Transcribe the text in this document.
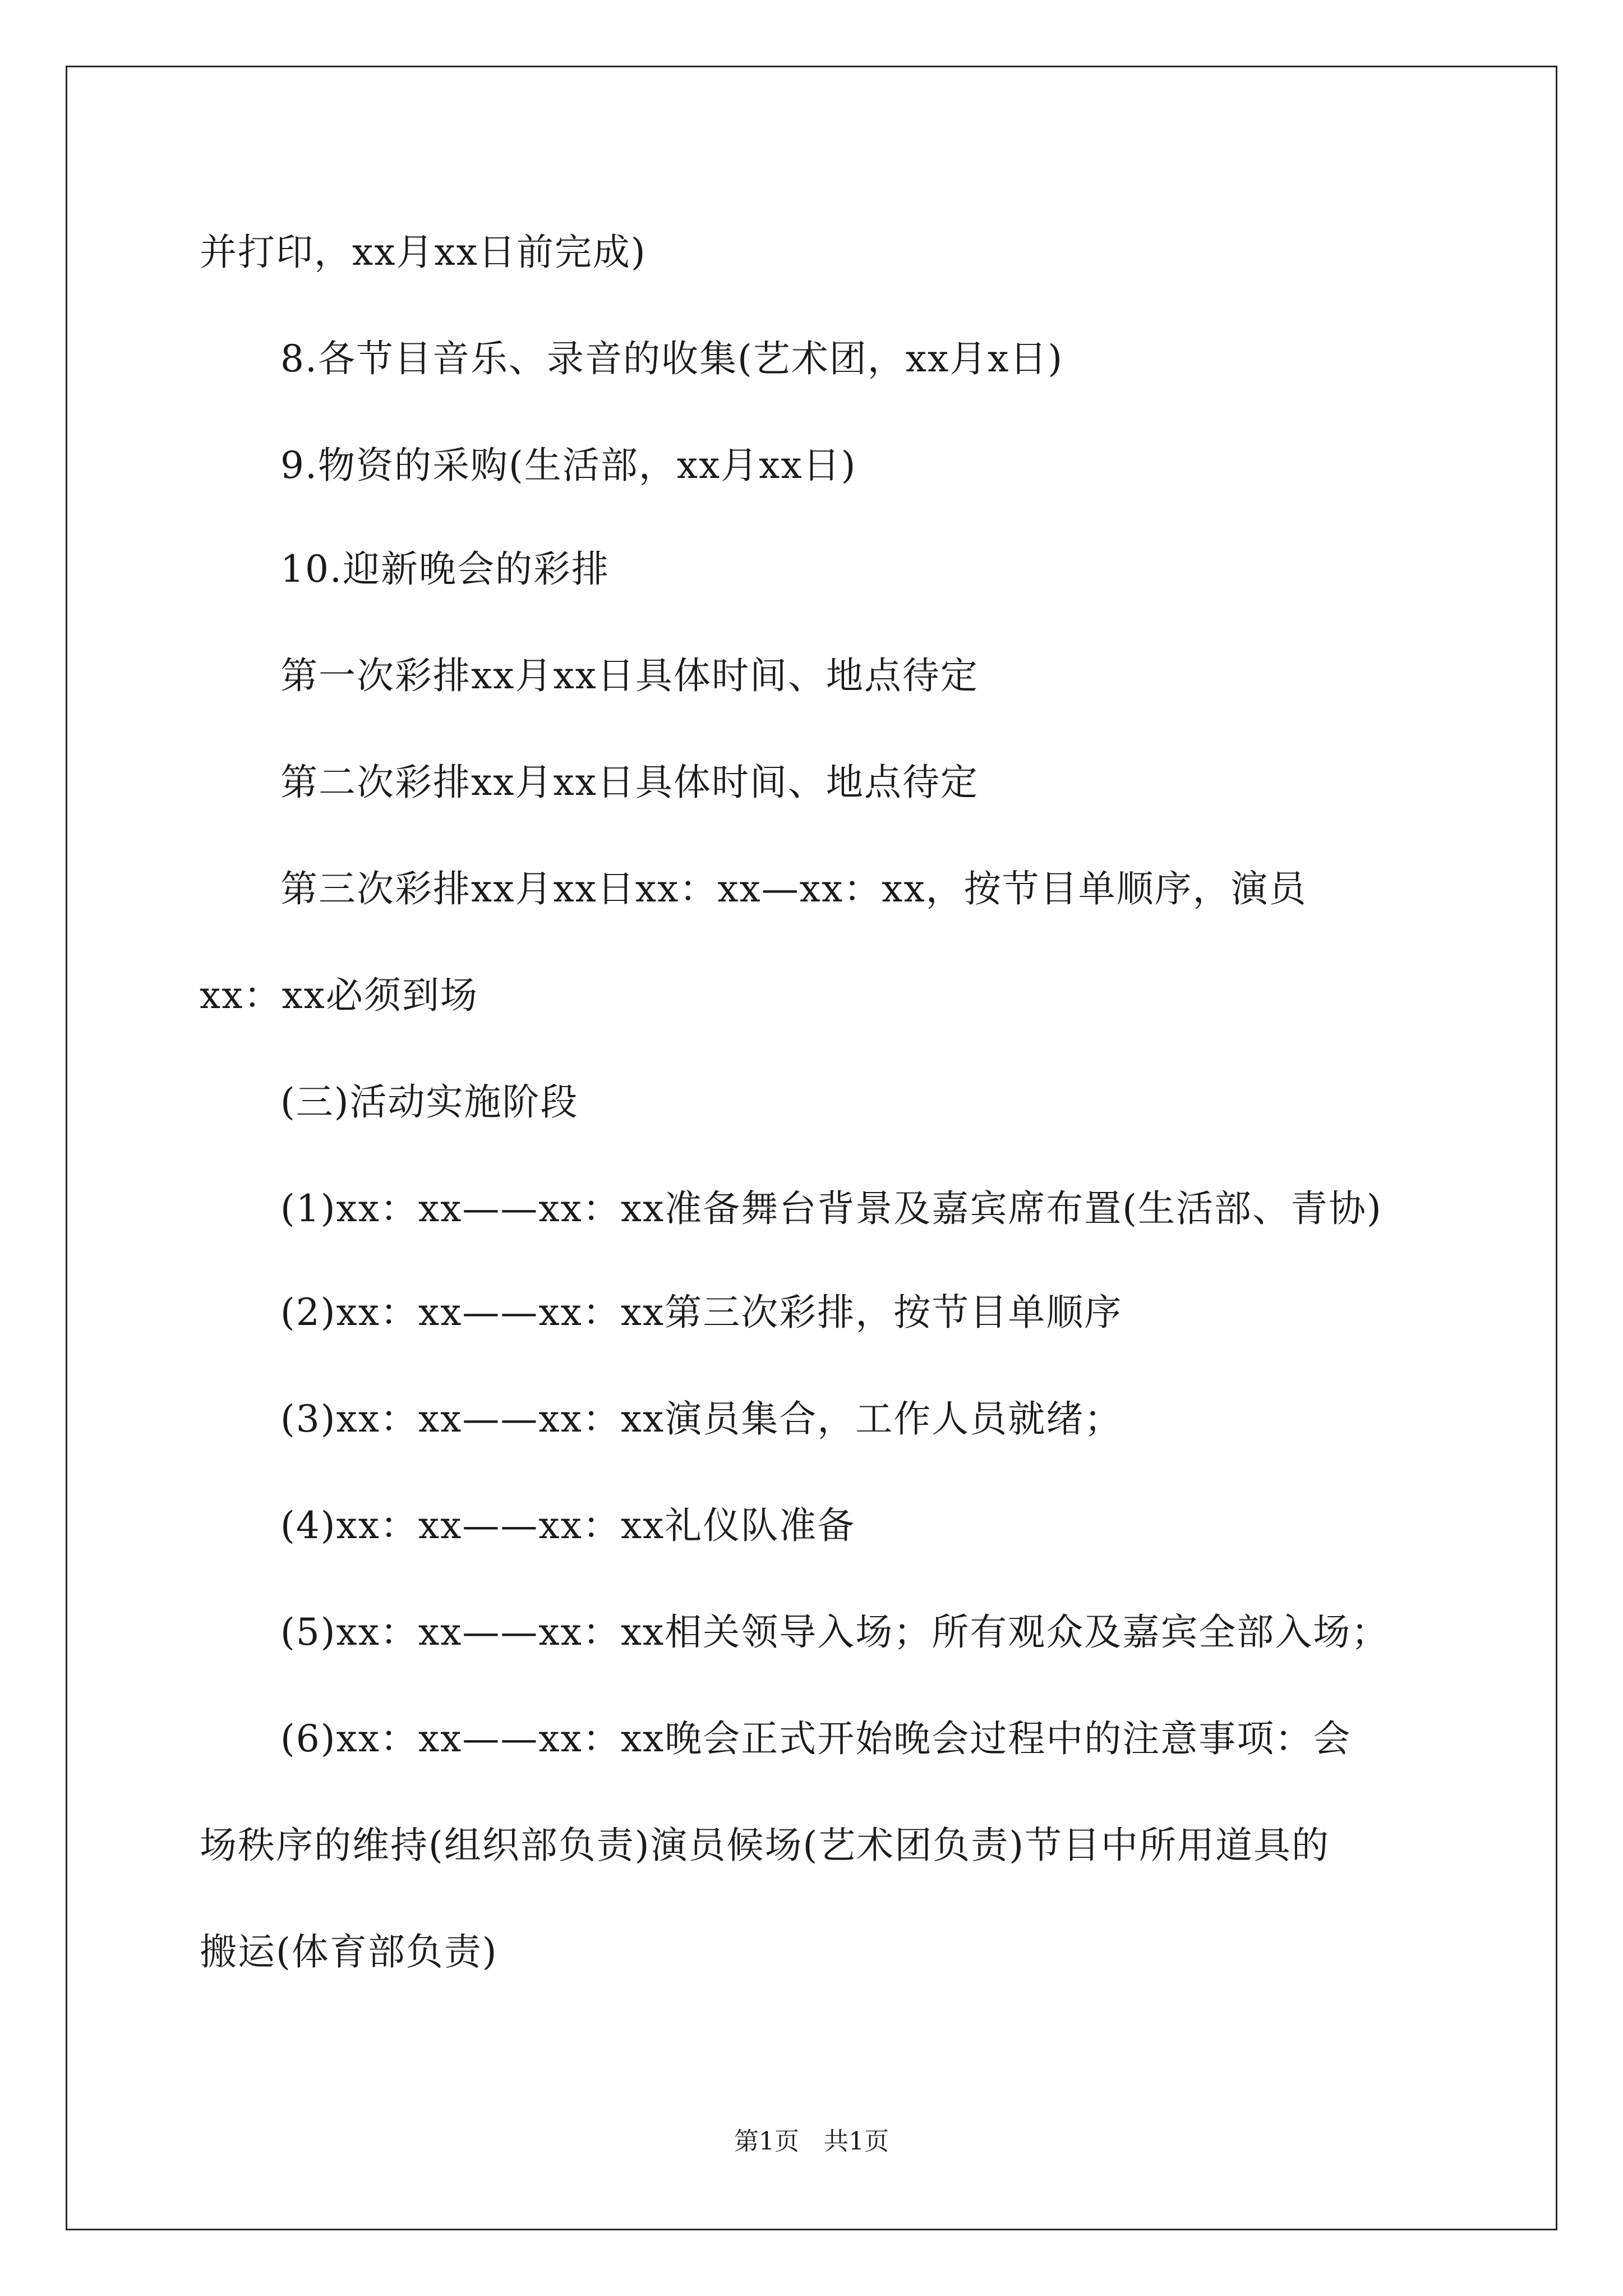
并打印，xx月xx日前完成)

8.各节目音乐、录音的收集(艺术团，xx月x日)

9.物资的采购(生活部，xx月xx日)

10.迎新晚会的彩排

第一次彩排xx月xx日具体时间、地点待定

第二次彩排xx月xx日具体时间、地点待定

第三次彩排xx月xx日xx：xx—xx：xx，按节目单顺序，演员

xx：xx必须到场

(三)活动实施阶段

(1)xx：xx——xx：xx准备舞台背景及嘉宾席布置(生活部、青协)

(2)xx：xx——xx：xx第三次彩排，按节目单顺序

(3)xx：xx——xx：xx演员集合，工作人员就绪；

(4)xx：xx——xx：xx礼仪队准备

(5)xx：xx——xx：xx相关领导入场；所有观众及嘉宾全部入场；

(6)xx：xx——xx：xx晚会正式开始晚会过程中的注意事项：会

场秩序的维持(组织部负责)演员候场(艺术团负责)节目中所用道具的

搬运(体育部负责)

第1页　共1页
